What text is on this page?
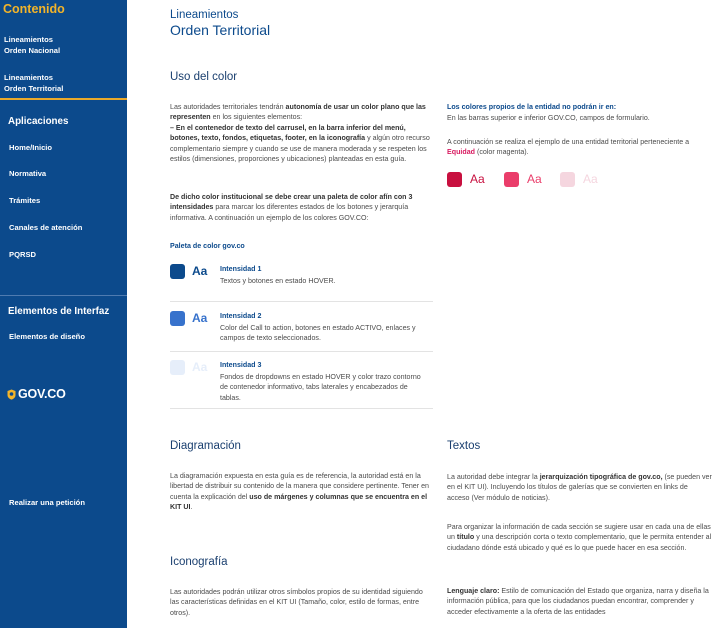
Contenido
Lineamientos
Orden Nacional
Lineamientos
Orden Territorial
Aplicaciones
Home/Inicio
Normativa
Trámites
Canales de atención
PQRSD
Elementos de Interfaz
Elementos de diseño
GOV.CO
Realizar una petición
Lineamientos
Orden Territorial
Uso del color
Las autoridades territoriales tendrán autonomía de usar un color plano que las representen en los siguientes elementos:
– En el contenedor de texto del carrusel, en la barra inferior del menú, botones, texto, fondos, etiquetas, footer, en la iconografía y algún otro recurso complementario siempre y cuando se use de manera moderada y se respeten los estilos (dimensiones, proporciones y ubicaciones) planteadas en esta guía.
De dicho color institucional se debe crear una paleta de color afín con 3 intensidades para marcar los diferentes estados de los botones y jerarquía informativa. A continuación un ejemplo de los colores GOV.CO:
Paleta de color gov.co
Aa Intensidad 1
Textos y botones en estado HOVER.
Aa Intensidad 2
Color del Call to action, botones en estado ACTIVO, enlaces y campos de texto seleccionados.
Aa Intensidad 3
Fondos de dropdowns en estado HOVER y color trazo contorno de contenedor informativo, tabs laterales y encabezados de tablas.
Los colores propios de la entidad no podrán ir en:
En las barras superior e inferior GOV.CO, campos de formulario.
A continuación se realiza el ejemplo de una entidad territorial perteneciente a Equidad (color magenta).
Aa	Aa	Aa
Diagramación
La diagramación expuesta en esta guía es de referencia, la autoridad está en la libertad de distribuir su contenido de la manera que considere pertinente. Tener en cuenta la explicación del uso de márgenes y columnas que se encuentra en el KIT UI.
Iconografía
Las autoridades podrán utilizar otros símbolos propios de su identidad siguiendo las características definidas en el KIT UI (Tamaño, color, estilo de formas, entre otros).
Textos
La autoridad debe integrar la jerarquización tipográfica de gov.co, (se pueden ver en el KIT UI). Incluyendo los títulos de galerías que se convierten en links de acceso (Ver módulo de noticias).
Para organizar la información de cada sección se sugiere usar en cada una de ellas un título y una descripción corta o texto complementario, que le permita entender al ciudadano dónde está ubicado y qué es lo que puede hacer en esa sección.
Lenguaje claro: Estilo de comunicación del Estado que organiza, narra y diseña la información pública, para que los ciudadanos puedan encontrar, comprender y acceder efectivamente a la oferta de las entidades
